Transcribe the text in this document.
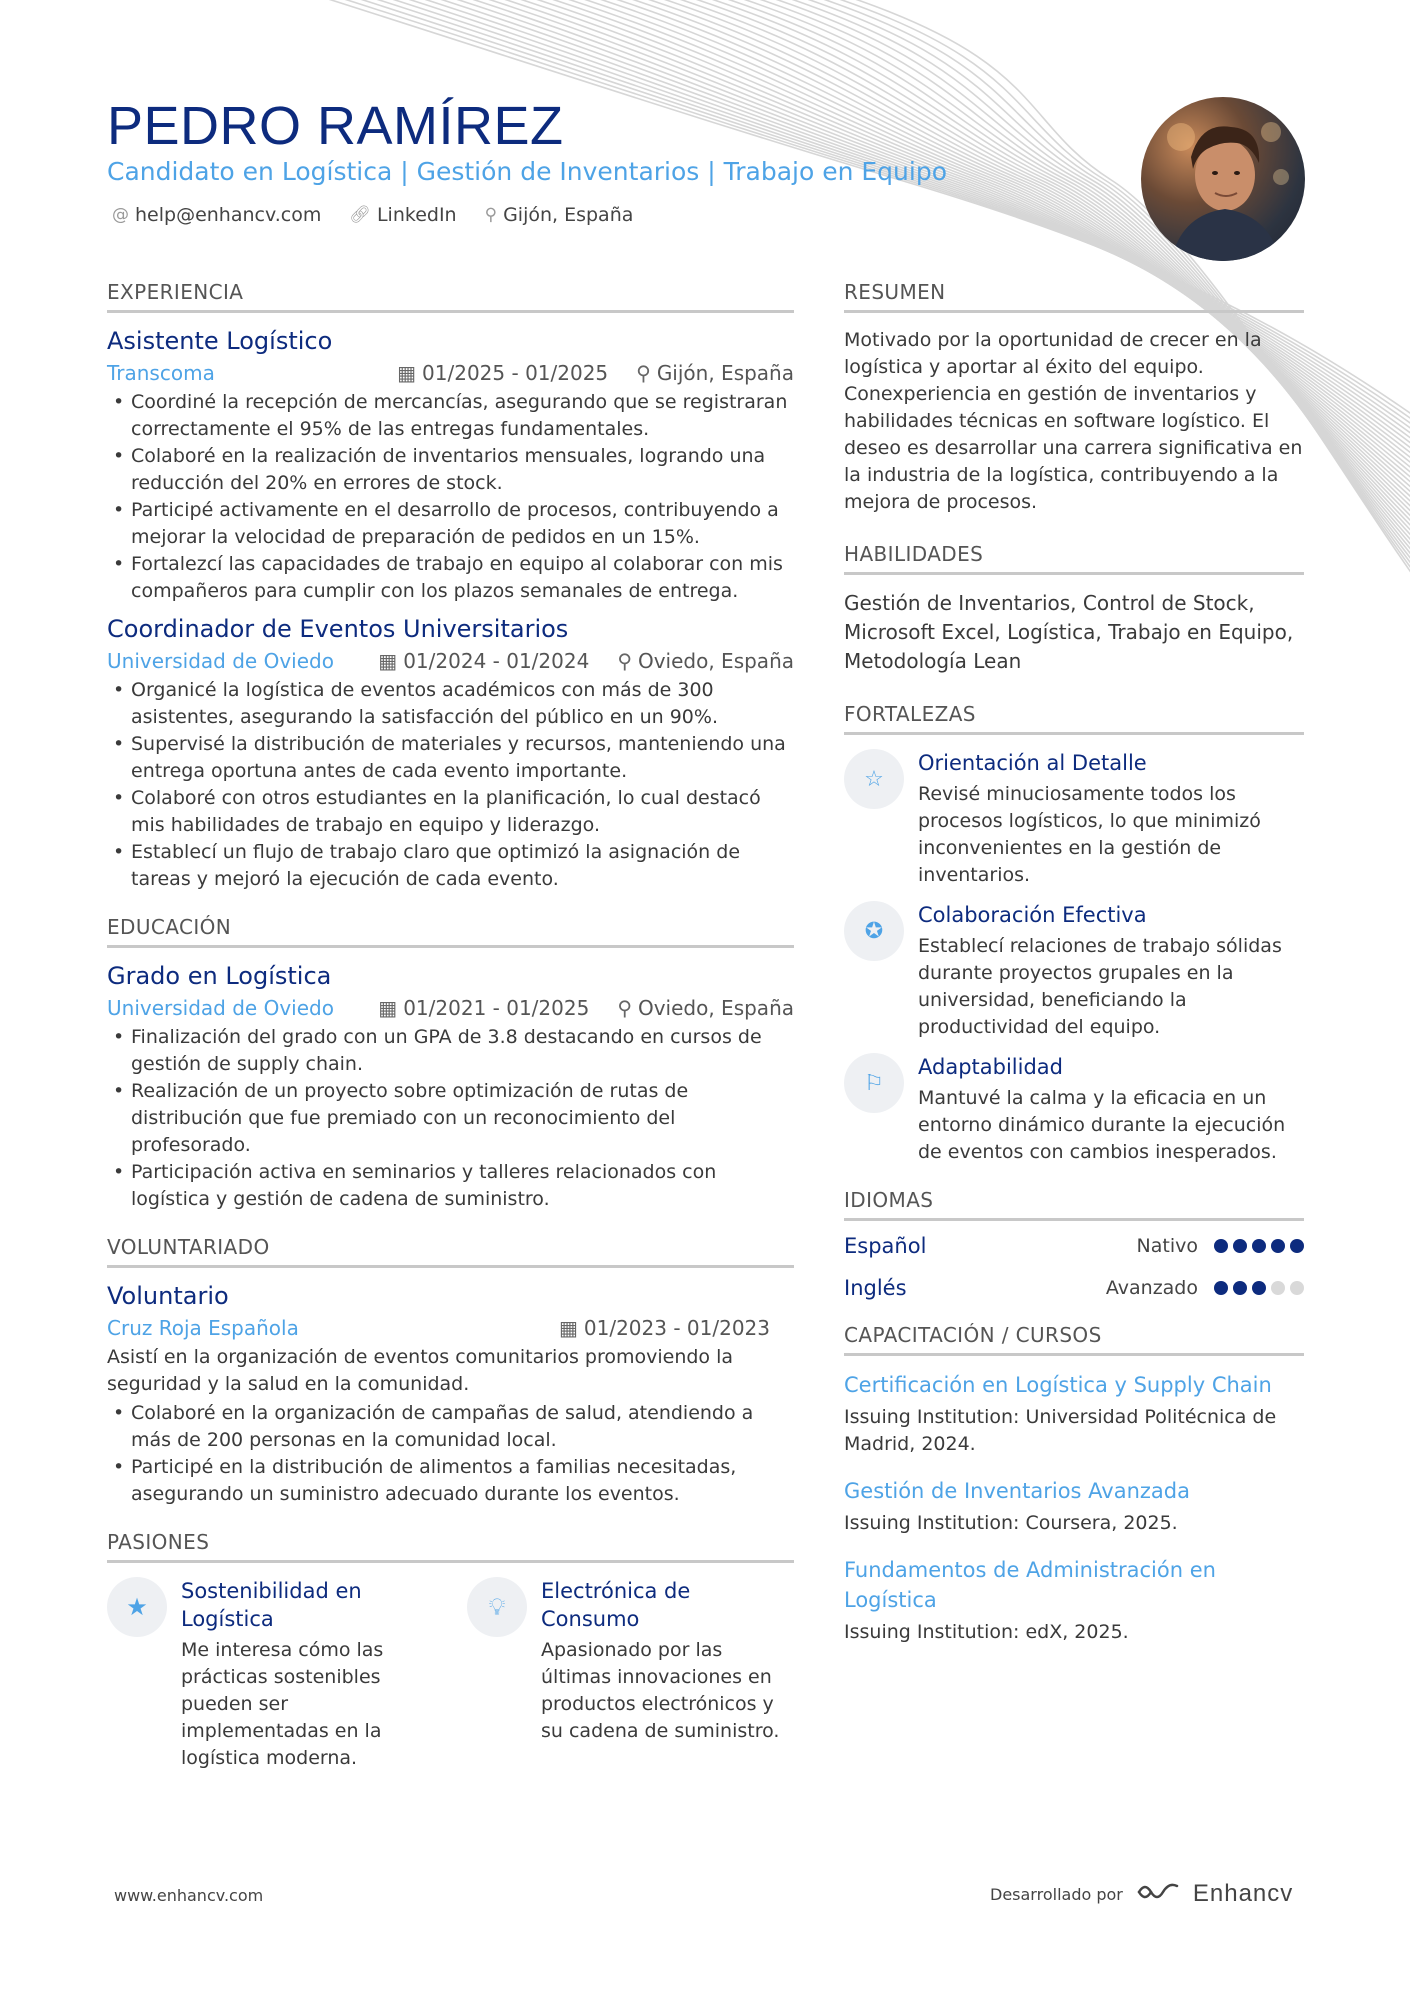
PEDRO RAMÍREZ
Candidato en Logística | Gestión de Inventarios | Trabajo en Equipo
@ help@enhancv.com 🔗︎ LinkedIn ⚲ Gijón, España
EXPERIENCIA
Asistente Logístico
Transcoma	▦ 01/2025 - 01/2025 ⚲ Gijón, España
• Coordiné la recepción de mercancías, asegurando que se registraran correctamente el 95% de las entregas fundamentales.
• Colaboré en la realización de inventarios mensuales, logrando una reducción del 20% en errores de stock.
• Participé activamente en el desarrollo de procesos, contribuyendo a mejorar la velocidad de preparación de pedidos en un 15%.
• Fortalezcí las capacidades de trabajo en equipo al colaborar con mis compañeros para cumplir con los plazos semanales de entrega.
Coordinador de Eventos Universitarios
Universidad de Oviedo ▦ 01/2024 - 01/2024 ⚲ Oviedo, España
• Organicé la logística de eventos académicos con más de 300 asistentes, asegurando la satisfacción del público en un 90%.
• Supervisé la distribución de materiales y recursos, manteniendo una entrega oportuna antes de cada evento importante.
• Colaboré con otros estudiantes en la planificación, lo cual destacó mis habilidades de trabajo en equipo y liderazgo.
• Establecí un flujo de trabajo claro que optimizó la asignación de tareas y mejoró la ejecución de cada evento.
EDUCACIÓN
Grado en Logística
Universidad de Oviedo ▦ 01/2021 - 01/2025 ⚲ Oviedo, España
• Finalización del grado con un GPA de 3.8 destacando en cursos de gestión de supply chain.
• Realización de un proyecto sobre optimización de rutas de distribución que fue premiado con un reconocimiento del profesorado.
• Participación activa en seminarios y talleres relacionados con logística y gestión de cadena de suministro.
VOLUNTARIADO
Voluntario
Cruz Roja Española	▦ 01/2023 - 01/2023
Asistí en la organización de eventos comunitarios promoviendo la seguridad y la salud en la comunidad.
• Colaboré en la organización de campañas de salud, atendiendo a más de 200 personas en la comunidad local.
• Participé en la distribución de alimentos a familias necesitadas, asegurando un suministro adecuado durante los eventos.
PASIONES
★
Sostenibilidad en Logística
Me interesa cómo las prácticas sostenibles pueden ser implementadas en la logística moderna.
💡︎
Electrónica de Consumo
Apasionado por las últimas innovaciones en productos electrónicos y su cadena de suministro.
RESUMEN
Motivado por la oportunidad de crecer en la logística y aportar al éxito del equipo. Conexperiencia en gestión de inventarios y habilidades técnicas en software logístico. El deseo es desarrollar una carrera significativa en la industria de la logística, contribuyendo a la mejora de procesos.
HABILIDADES
Gestión de Inventarios, Control de Stock, Microsoft Excel, Logística, Trabajo en Equipo, Metodología Lean
FORTALEZAS
☆
Orientación al Detalle
Revisé minuciosamente todos los procesos logísticos, lo que minimizó inconvenientes en la gestión de inventarios.
✪
Colaboración Efectiva
Establecí relaciones de trabajo sólidas durante proyectos grupales en la universidad, beneficiando la productividad del equipo.
⚐
Adaptabilidad
Mantuvé la calma y la eficacia en un entorno dinámico durante la ejecución de eventos con cambios inesperados.
IDIOMAS
Español	Nativo
Inglés	Avanzado
CAPACITACIÓN / CURSOS
Certificación en Logística y Supply Chain
Issuing Institution: Universidad Politécnica de Madrid, 2024.
Gestión de Inventarios Avanzada
Issuing Institution: Coursera, 2025.
Fundamentos de Administración en Logística
Issuing Institution: edX, 2025.
www.enhancv.com	Desarrollado por	Enhancv
